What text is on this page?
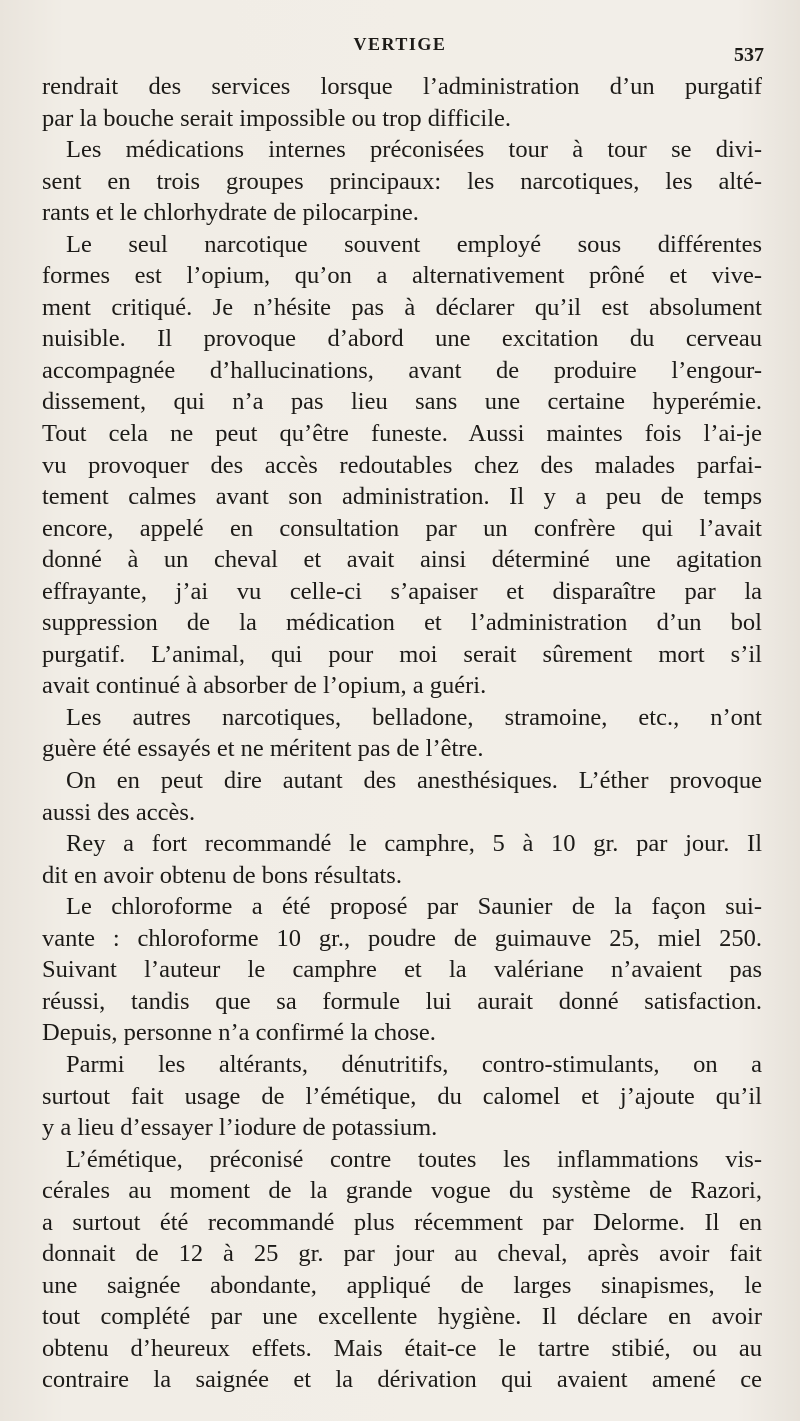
VERTIGE	537
rendrait des services lorsque l’administration d’un purgatif
par la bouche serait impossible ou trop difficile.
Les médications internes préconisées tour à tour se divi-
sent en trois groupes principaux: les narcotiques, les alté-
rants et le chlorhydrate de pilocarpine.
Le seul narcotique souvent employé sous différentes
formes est l’opium, qu’on a alternativement prôné et vive-
ment critiqué. Je n’hésite pas à déclarer qu’il est absolument
nuisible. Il provoque d’abord une excitation du cerveau
accompagnée d’hallucinations, avant de produire l’engour-
dissement, qui n’a pas lieu sans une certaine hyperémie.
Tout cela ne peut qu’être funeste. Aussi maintes fois l’ai-je
vu provoquer des accès redoutables chez des malades parfai-
tement calmes avant son administration. Il y a peu de temps
encore, appelé en consultation par un confrère qui l’avait
donné à un cheval et avait ainsi déterminé une agitation
effrayante, j’ai vu celle-ci s’apaiser et disparaître par la
suppression de la médication et l’administration d’un bol
purgatif. L’animal, qui pour moi serait sûrement mort s’il
avait continué à absorber de l’opium, a guéri.
Les autres narcotiques, belladone, stramoine, etc., n’ont
guère été essayés et ne méritent pas de l’être.
On en peut dire autant des anesthésiques. L’éther provoque
aussi des accès.
Rey a fort recommandé le camphre, 5 à 10 gr. par jour. Il
dit en avoir obtenu de bons résultats.
Le chloroforme a été proposé par Saunier de la façon sui-
vante : chloroforme 10 gr., poudre de guimauve 25, miel 250.
Suivant l’auteur le camphre et la valériane n’avaient pas
réussi, tandis que sa formule lui aurait donné satisfaction.
Depuis, personne n’a confirmé la chose.
Parmi les altérants, dénutritifs, contro-stimulants, on a
surtout fait usage de l’émétique, du calomel et j’ajoute qu’il
y a lieu d’essayer l’iodure de potassium.
L’émétique, préconisé contre toutes les inflammations vis-
cérales au moment de la grande vogue du système de Razori,
a surtout été recommandé plus récemment par Delorme. Il en
donnait de 12 à 25 gr. par jour au cheval, après avoir fait
une saignée abondante, appliqué de larges sinapismes, le
tout complété par une excellente hygiène. Il déclare en avoir
obtenu d’heureux effets. Mais était-ce le tartre stibié, ou au
contraire la saignée et la dérivation qui avaient amené ce
